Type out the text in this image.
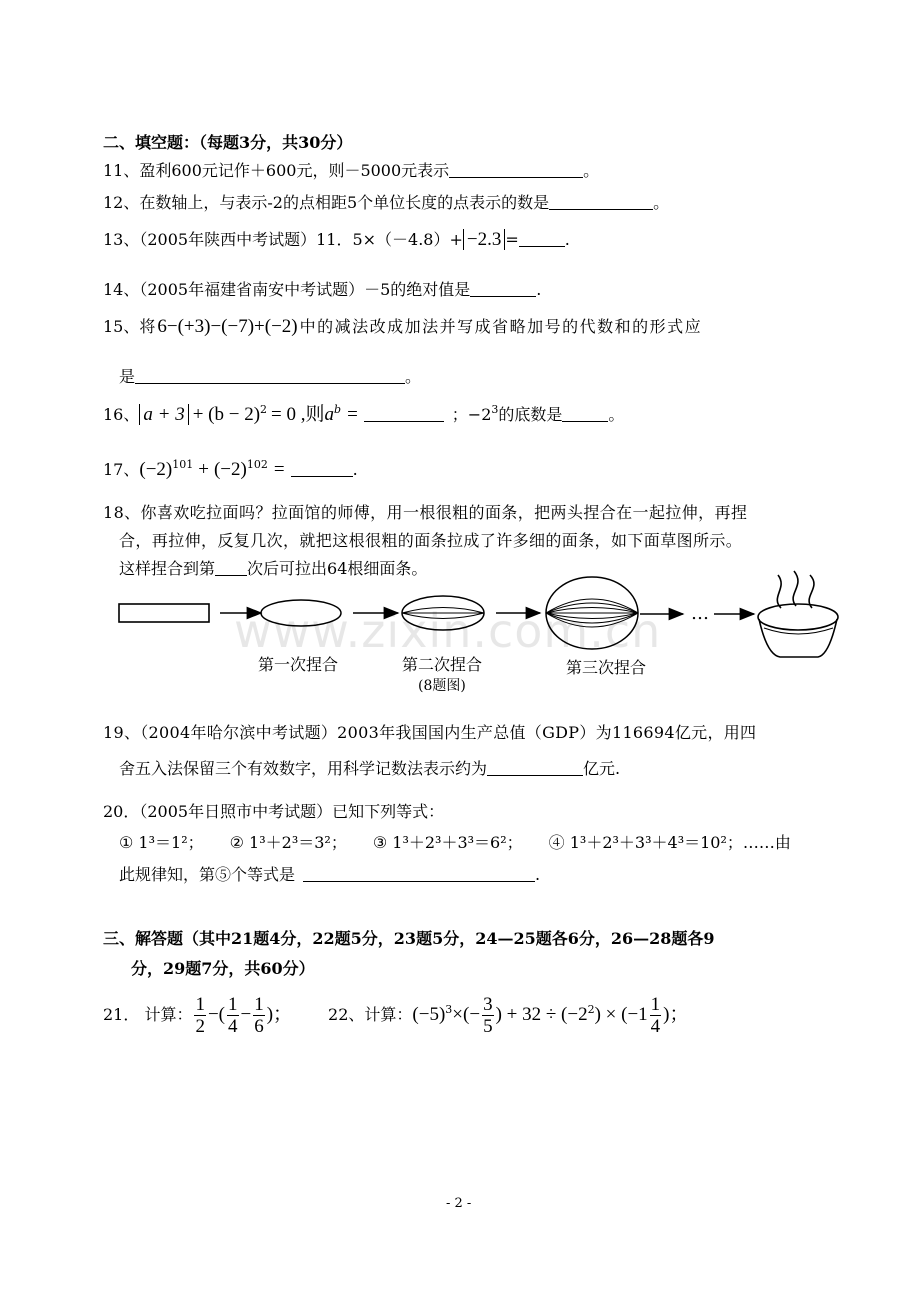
www.zixin.com.cn
二、填空题：（每题3分，共30分）
11、盈利600元记作＋600元，则－5000元表示	。
12、在数轴上，与表示-2的点相距5个单位长度的点表示的数是	。
13、（2005年陕西中考试题）11．5×（－4.8）+ −2.3 =	.
14、（2005年福建省南安中考试题）－5的绝对值是	.
15、将 6−(+3)−(−7)+(−2) 中的减法改成加法并写成省略加号的代数和的形式应
是	。
16、 $a + 3 + (b - 2)^2 = 0$ ,则$a^b$ =	；$-2^3$的底数是	。
17、$(-2)^{101} + (-2)^{102}$ =	.
18、你喜欢吃拉面吗？拉面馆的师傅，用一根很粗的面条，把两头捏合在一起拉伸，再捏
合，再拉伸，反复几次，就把这根很粗的面条拉成了许多细的面条，如下面草图所示。
这样捏合到第 次后可拉出64根细面条。
…
第一次捏合	第二次捏合	第三次捏合
(8题图)
19、（2004年哈尔滨中考试题）2003年我国国内生产总值（GDP）为116694亿元，用四
舍五入法保留三个有效数字，用科学记数法表示约为	亿元.
20．（2005年日照市中考试题）已知下列等式：
① 1³＝1²； ② 1³＋2³＝3²； ③ 1³＋2³＋3³＝6²； ④ 1³＋2³＋3³＋4³＝10²；……由
此规律知，第⑤个等式是	.
三、解答题（其中21题4分，22题5分，23题5分，24—25题各6分，26—28题各9
分，29题7分，共60分）
21． 计算： $\frac{1}{2}$ −( $\frac{1}{4} - \frac{1}{6}$ )； 22、计算：$(-5)^3\times(- \frac{3}{5}$ ) + $32 \div (-2^2) \times (-1 \frac{1}{4}$ )；
- 2 -
